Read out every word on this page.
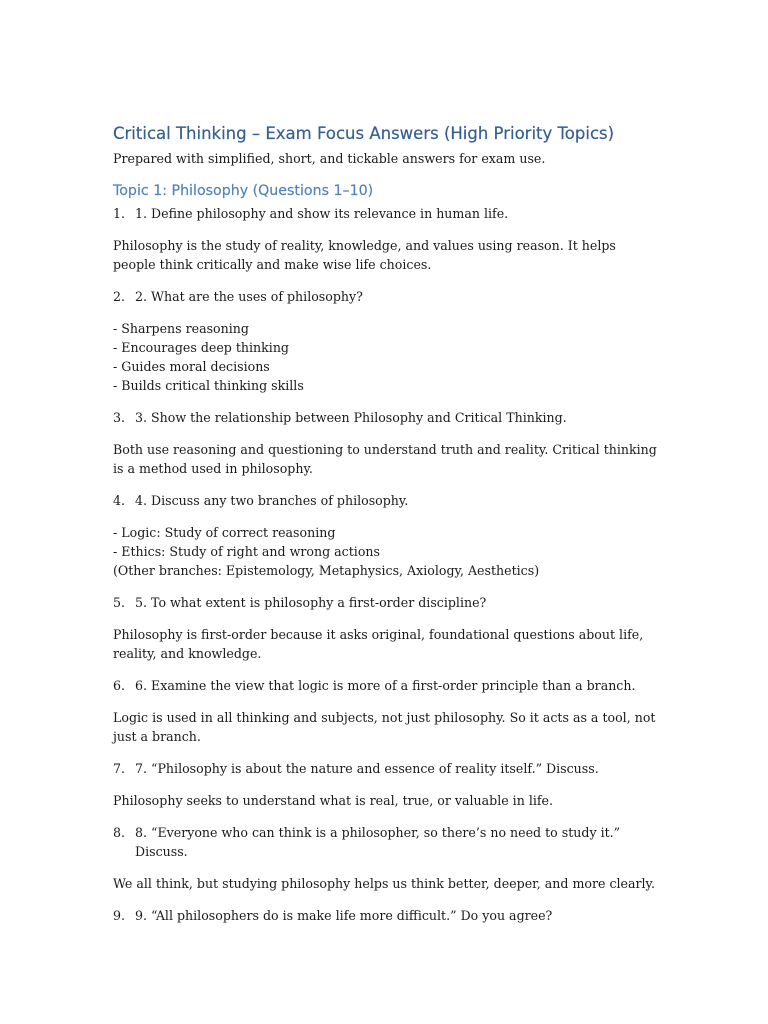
Critical Thinking – Exam Focus Answers (High Priority Topics)

Prepared with simplified, short, and tickable answers for exam use.

Topic 1: Philosophy (Questions 1–10)
1. 1. Define philosophy and show its relevance in human life.
Philosophy is the study of reality, knowledge, and values using reason. It helps people think critically and make wise life choices.
2. 2. What are the uses of philosophy?
- Sharpens reasoning
- Encourages deep thinking
- Guides moral decisions
- Builds critical thinking skills
3. 3. Show the relationship between Philosophy and Critical Thinking.
Both use reasoning and questioning to understand truth and reality. Critical thinking is a method used in philosophy.
4. 4. Discuss any two branches of philosophy.
- Logic: Study of correct reasoning
- Ethics: Study of right and wrong actions
(Other branches: Epistemology, Metaphysics, Axiology, Aesthetics)
5. 5. To what extent is philosophy a first-order discipline?
Philosophy is first-order because it asks original, foundational questions about life, reality, and knowledge.
6. 6. Examine the view that logic is more of a first-order principle than a branch.
Logic is used in all thinking and subjects, not just philosophy. So it acts as a tool, not just a branch.
7. 7. “Philosophy is about the nature and essence of reality itself.” Discuss.
Philosophy seeks to understand what is real, true, or valuable in life.
8. 8. “Everyone who can think is a philosopher, so there’s no need to study it.” Discuss.
We all think, but studying philosophy helps us think better, deeper, and more clearly.
9. 9. “All philosophers do is make life more difficult.” Do you agree?
